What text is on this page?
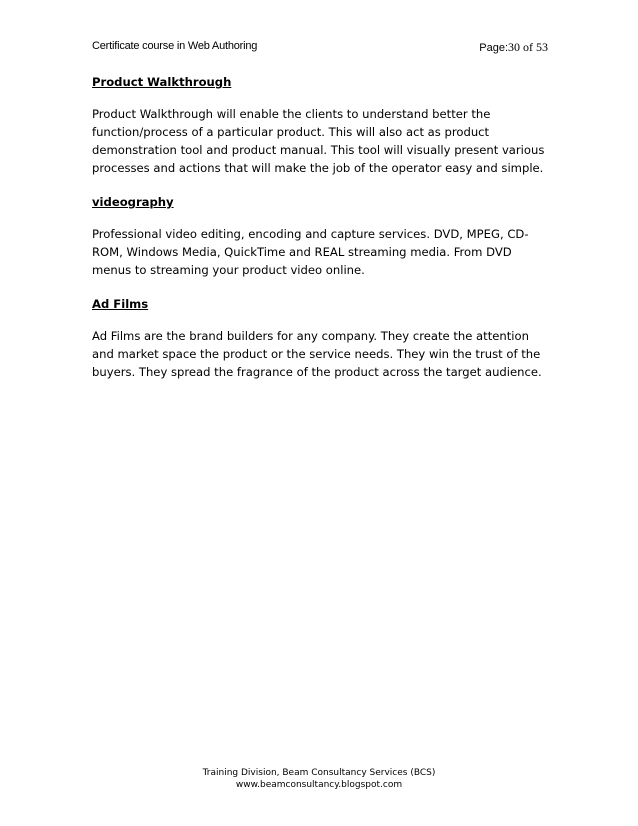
Certificate course in Web Authoring	Page:30 of 53
Product Walkthrough
Product Walkthrough will enable the clients to understand better the
function/process of a particular product. This will also act as product
demonstration tool and product manual. This tool will visually present various
processes and actions that will make the job of the operator easy and simple.
videography
Professional video editing, encoding and capture services. DVD, MPEG, CD-
ROM, Windows Media, QuickTime and REAL streaming media. From DVD
menus to streaming your product video online.
Ad Films
Ad Films are the brand builders for any company. They create the attention
and market space the product or the service needs. They win the trust of the
buyers. They spread the fragrance of the product across the target audience.
Training Division, Beam Consultancy Services (BCS)
www.beamconsultancy.blogspot.com
